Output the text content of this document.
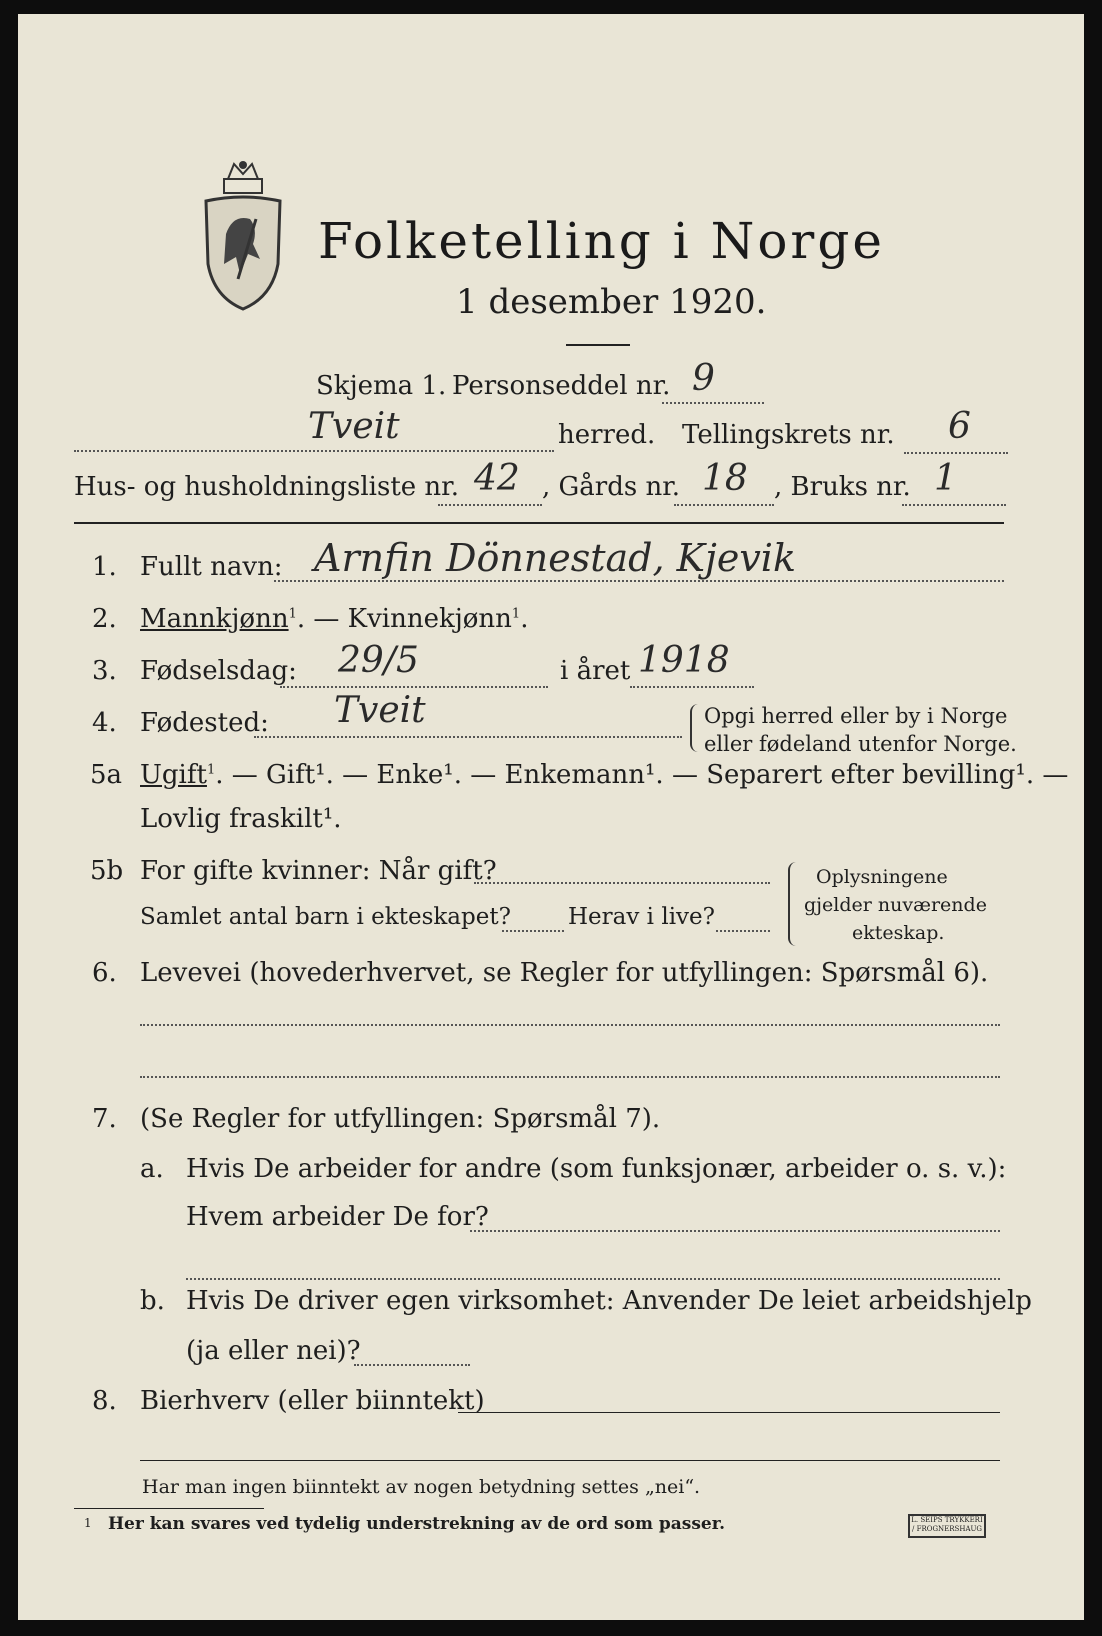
Folketelling i Norge
1 desember 1920.
Skjema 1. Personseddel nr. 9
Tveit	herred. Tellingskrets nr. 6
Hus- og husholdningsliste nr. 42 , Gårds nr. 18 , Bruks nr. 1
1. Fullt navn: Arnfin Dönnestad, Kjevik
2. Mannkjønn$^1$. — Kvinnekjønn$^1$.
3. Fødselsdag: 29/5	i året 1918
4. Fødested: Tveit	Opgi herred eller by i Norge
eller fødeland utenfor Norge.
5a Ugift$^1$. — Gift¹. — Enke¹. — Enkemann¹. — Separert efter bevilling¹. —
Lovlig fraskilt¹.
5b For gifte kvinner: Når gift?
Samlet antal barn i ekteskapet? Herav i live?
Oplysningene
gjelder nuværende
ekteskap.
6. Levevei (hovederhvervet, se Regler for utfyllingen: Spørsmål 6).
7. (Se Regler for utfyllingen: Spørsmål 7).
a. Hvis De arbeider for andre (som funksjonær, arbeider o. s. v.):
Hvem arbeider De for?
b. Hvis De driver egen virksomhet: Anvender De leiet arbeidshjelp
(ja eller nei)?
8. Bierhverv (eller biinntekt)
Har man ingen biinntekt av nogen betydning settes „nei“.
1 Her kan svares ved tydelig understrekning av de ord som passer.	L. SEIPS TRYKKERI / FROGNERSHAUG
